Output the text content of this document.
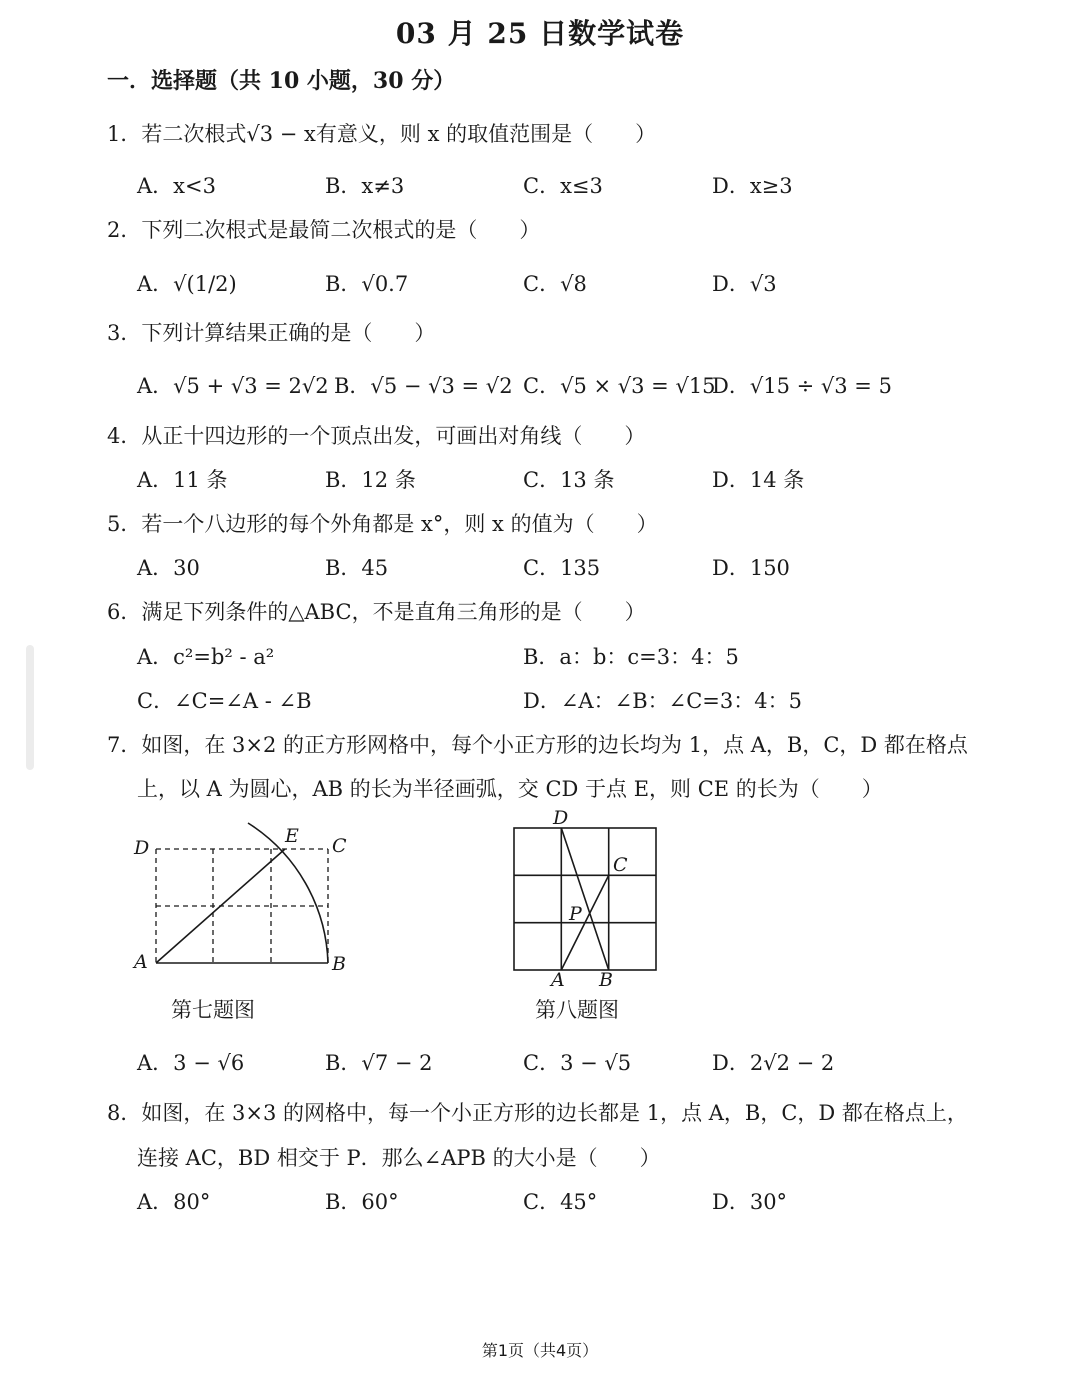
03 月 25 日数学试卷
一．选择题（共 10 小题，30 分）
1．若二次根式√3 − x有意义，则 x 的取值范围是（　　）
A．x<3	B．x≠3	C．x≤3	D．x≥3
2．下列二次根式是最简二次根式的是（　　）
A．√(1/2)	B．√0.7	C．√8	D．√3
3．下列计算结果正确的是（　　）
A．√5 + √3 = 2√2 B．√5 − √3 = √2 C．√5 × √3 = √15
D．√15 ÷ √3 = 5
4．从正十四边形的一个顶点出发，可画出对角线（　　）
A．11 条	B．12 条	C．13 条	D．14 条
5．若一个八边形的每个外角都是 x°，则 x 的值为（　　）
A．30	B．45	C．135	D．150
6．满足下列条件的△ABC，不是直角三角形的是（　　）
A．c²=b² - a²	B．a：b：c=3：4：5
C．∠C=∠A - ∠B	D．∠A：∠B：∠C=3：4：5
7．如图，在 3×2 的正方形网格中，每个小正方形的边长均为 1，点 A，B，C，D 都在格点
上，以 A 为圆心，AB 的长为半径画弧，交 CD 于点 E，则 CE 的长为（　　）
A	B
C
D
E
第七题图
D
C
P
A B
第八题图
A．3 − √6	B．√7 − 2	C．3 − √5	D．2√2 − 2
8．如图，在 3×3 的网格中，每一个小正方形的边长都是 1，点 A，B，C，D 都在格点上，
连接 AC，BD 相交于 P．那么∠APB 的大小是（　　）
A．80°	B．60°	C．45°	D．30°
第1页（共4页）
